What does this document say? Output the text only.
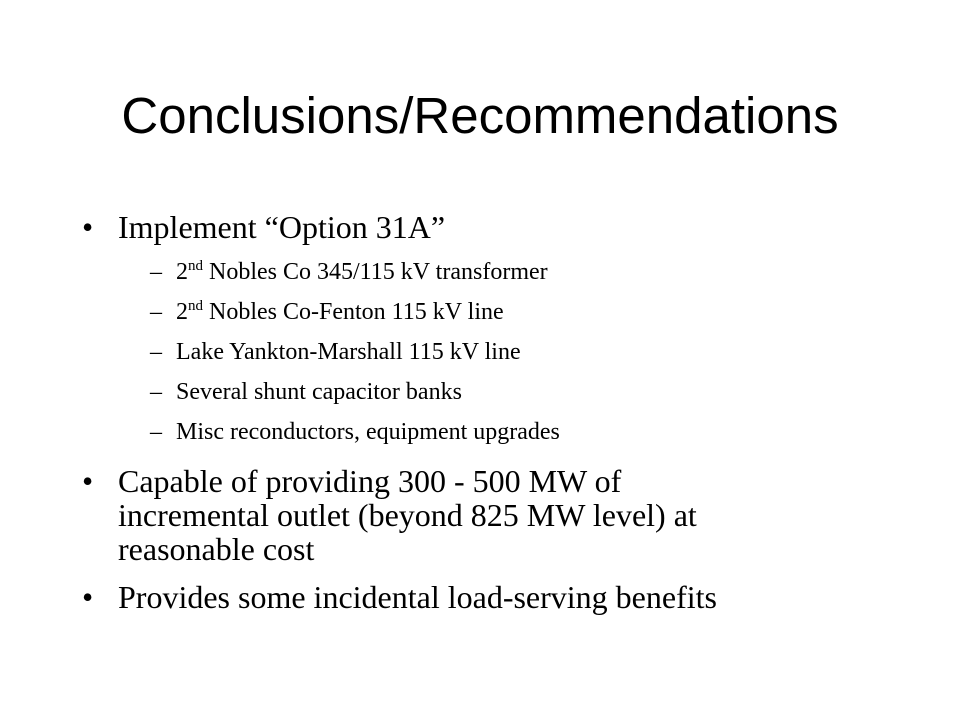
Conclusions/Recommendations
• Implement “Option 31A”
– 2nd Nobles Co 345/115 kV transformer
– 2nd Nobles Co-Fenton 115 kV line
– Lake Yankton-Marshall 115 kV line
– Several shunt capacitor banks
– Misc reconductors, equipment upgrades
• Capable of providing 300 - 500 MW of
incremental outlet (beyond 825 MW level) at
reasonable cost
• Provides some incidental load-serving benefits
